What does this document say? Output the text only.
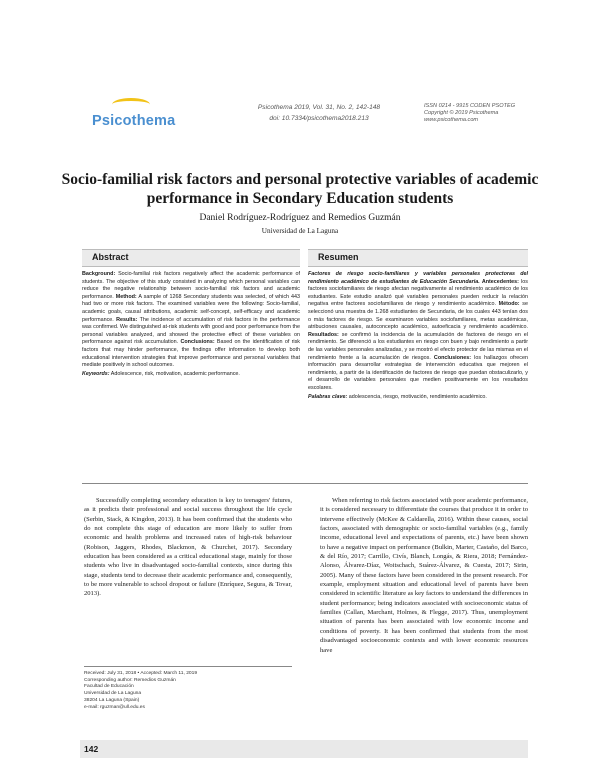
Psicothema
Psicothema 2019, Vol. 31, No. 2, 142-148
doi: 10.7334/psicothema2018.213
ISSN 0214 - 9915 CODEN PSOTEG
Copyright © 2019 Psicothema
www.psicothema.com
Socio-familial risk factors and personal protective variables of academic performance in Secondary Education students
Daniel Rodríguez-Rodríguez and Remedios Guzmán
Universidad de La Laguna
Abstract
Background: Socio-familial risk factors negatively affect the academic performance of students. The objective of this study consisted in analyzing which personal variables can reduce the negative relationship between socio-familial risk factors and academic performance. Method: A sample of 1268 Secondary students was selected, of which 443 had two or more risk factors. The examined variables were the following: Socio-familial, academic goals, causal attributions, academic self-concept, self-efficacy and academic performance. Results: The incidence of accumulation of risk factors in the performance was confirmed. We distinguished at-risk students with good and poor performance from the personal variables analyzed, and showed the protective effect of these variables on performance against risk accumulation. Conclusions: Based on the identification of risk factors that may hinder performance, the findings offer information to develop both educational intervention strategies that improve performance and personal variables that mediate positively in school outcomes.
Keywords: Adolescence, risk, motivation, academic performance.
Resumen
Factores de riesgo socio-familiares y variables personales protectoras del rendimiento académico de estudiantes de Educación Secundaria. Antecedentes: los factores sociofamiliares de riesgo afectan negativamente al rendimiento académico de los estudiantes. Este estudio analizó qué variables personales pueden reducir la relación negativa entre factores sociofamiliares de riesgo y rendimiento académico. Método: se seleccionó una muestra de 1.268 estudiantes de Secundaria, de los cuales 443 tenían dos o más factores de riesgo. Se examinaron variables sociofamiliares, metas académicas, atribuciones causales, autoconcepto académico, autoeficacia y rendimiento académico. Resultados: se confirmó la incidencia de la acumulación de factores de riesgo en el rendimiento. Se diferenció a los estudiantes en riesgo con buen y bajo rendimiento a partir de las variables personales analizadas, y se mostró el efecto protector de las mismas en el rendimiento frente a la acumulación de riesgos. Conclusiones: los hallazgos ofrecen información para desarrollar estrategias de intervención educativa que mejoren el rendimiento, a partir de la identificación de factores de riesgo que puedan obstaculizarlo, y el desarrollo de variables personales que medien positivamente en los resultados escolares.
Palabras clave: adolescencia, riesgo, motivación, rendimiento académico.
Successfully completing secondary education is key to teenagers' futures, as it predicts their professional and social success throughout the life cycle (Serbin, Stack, & Kingdon, 2013). It has been confirmed that the students who do not complete this stage of education are more likely to suffer from economic and health problems and increased rates of high-risk behaviour (Robison, Jaggers, Rhodes, Blackmon, & Churchet, 2017). Secondary education has been considered as a critical educational stage, mainly for those students who live in disadvantaged socio-familial contexts, since during this stage, students tend to decrease their academic performance and, consequently, to be more vulnerable to school dropout or failure (Enríquez, Segura, & Tovar, 2013).
When referring to risk factors associated with poor academic performance, it is considered necessary to differentiate the courses that produce it in order to intervene effectively (McKee & Caldarella, 2016). Within these causes, social factors, associated with demographic or socio-familial variables (e.g., family income, educational level and expectations of parents, etc.) have been shown to have a negative impact on performance (Bulkin, Marter, Castaño, del Barco, & del Río, 2017; Carrillo, Civís, Blanch, Longás, & Riera, 2018; Fernández-Alonso, Álvarez-Díaz, Woitschach, Suárez-Álvarez, & Cuesta, 2017; Sirin, 2005). Many of these factors have been considered in the present research. For example, employment situation and educational level of parents have been considered in scientific literature as key factors to understand the differences in student performance; being indicators associated with socioeconomic status of families (Callan, Marchant, Holmes, & Flegge, 2017). Thus, unemployment situation of parents has been associated with low economic income and conditions of poverty. It has been confirmed that students from the most disadvantaged socioeconomic contexts and with lower economic resources have
Received: July 31, 2018 • Accepted: March 11, 2019
Corresponding author: Remedios Guzmán
Facultad de Educación
Universidad de La Laguna
38204 La Laguna (Spain)
e-mail: rguzman@ull.edu.es
142
